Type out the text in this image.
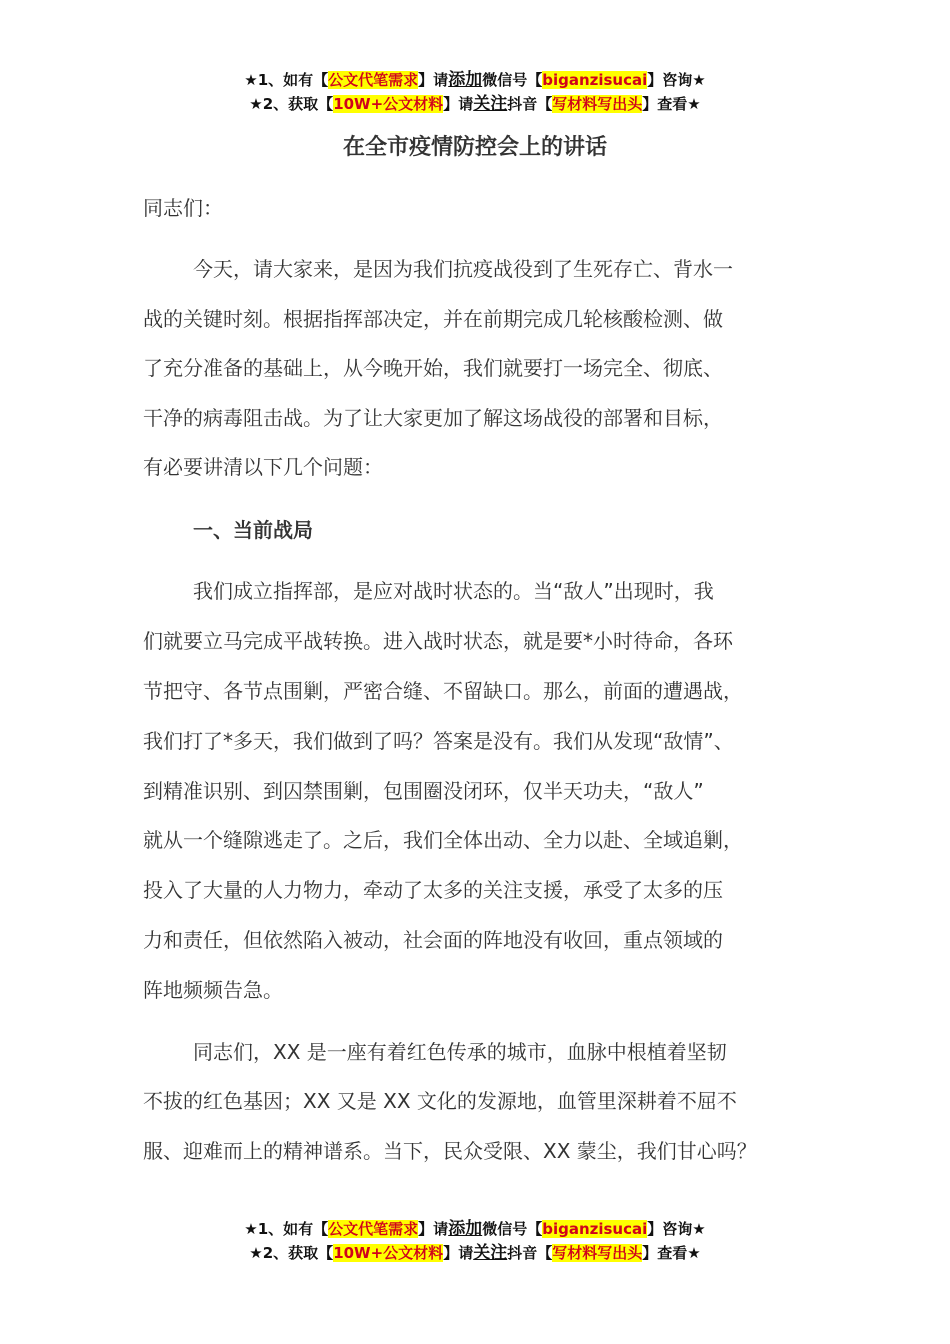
★1、如有【公文代笔需求】请添加微信号【biganzisucai】咨询★
★2、获取【10W+公文材料】请关注抖音【写材料写出头】查看★
在全市疫情防控会上的讲话
同志们：
今天，请大家来，是因为我们抗疫战役到了生死存亡、背水一
战的关键时刻。根据指挥部决定，并在前期完成几轮核酸检测、做
了充分准备的基础上，从今晚开始，我们就要打一场完全、彻底、
干净的病毒阻击战。为了让大家更加了解这场战役的部署和目标，
有必要讲清以下几个问题：
一、当前战局
我们成立指挥部，是应对战时状态的。当“敌人”出现时，我
们就要立马完成平战转换。进入战时状态，就是要*小时待命，各环
节把守、各节点围剿，严密合缝、不留缺口。那么，前面的遭遇战，
我们打了*多天，我们做到了吗？答案是没有。我们从发现“敌情”、
到精准识别、到囚禁围剿，包围圈没闭环，仅半天功夫，“敌人”
就从一个缝隙逃走了。之后，我们全体出动、全力以赴、全域追剿，
投入了大量的人力物力，牵动了太多的关注支援，承受了太多的压
力和责任，但依然陷入被动，社会面的阵地没有收回，重点领域的
阵地频频告急。
同志们，XX 是一座有着红色传承的城市，血脉中根植着坚韧
不拔的红色基因；XX 又是 XX 文化的发源地，血管里深耕着不屈不
服、迎难而上的精神谱系。当下，民众受限、XX 蒙尘，我们甘心吗？
★1、如有【公文代笔需求】请添加微信号【biganzisucai】咨询★
★2、获取【10W+公文材料】请关注抖音【写材料写出头】查看★
